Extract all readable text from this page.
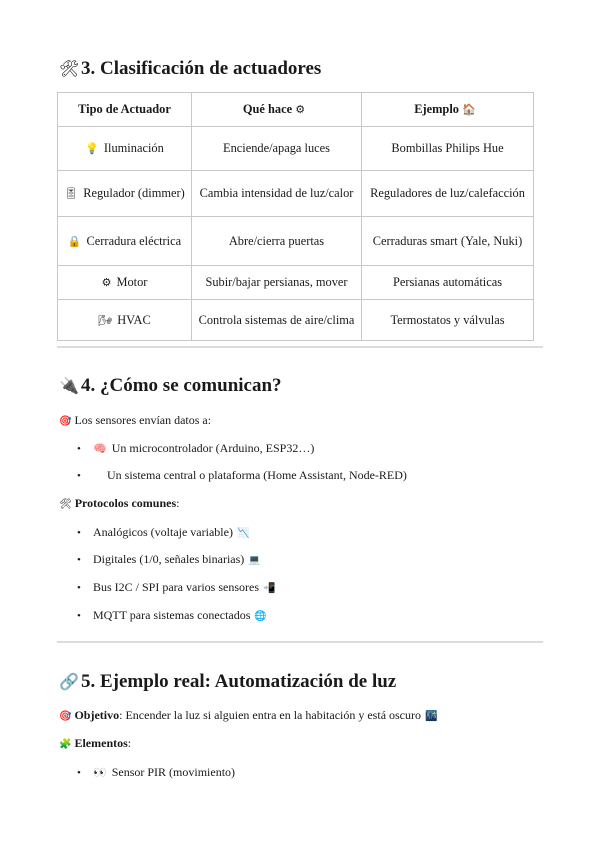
🛠3. Clasificación de actuadores
Tipo de Actuador	Qué hace ⚙	Ejemplo 🏠
💡 Iluminación	Enciende/apaga luces	Bombillas Philips Hue
🎚 Regulador (dimmer)	Cambia intensidad de luz/calor	Reguladores de luz/calefacción
🔒 Cerradura eléctrica	Abre/cierra puertas	Cerraduras smart (Yale, Nuki)
⚙ Motor	Subir/bajar persianas, mover	Persianas automáticas
🌬 HVAC	Controla sistemas de aire/clima	Termostatos y válvulas
🔌 4. ¿Cómo se comunican?
🎯 Los sensores envían datos a:
• 🧠 Un microcontrolador (Arduino, ESP32…)
• Un sistema central o plataforma (Home Assistant, Node-RED)
🛠 Protocolos comunes:
• Analógicos (voltaje variable) 📉
• Digitales (1/0, señales binarias) 💻
• Bus I2C / SPI para varios sensores 📲
• MQTT para sistemas conectados 🌐
🔗 5. Ejemplo real: Automatización de luz
🎯 Objetivo: Encender la luz si alguien entra en la habitación y está oscuro 🌃
🧩 Elementos:
• 👀 Sensor PIR (movimiento)
